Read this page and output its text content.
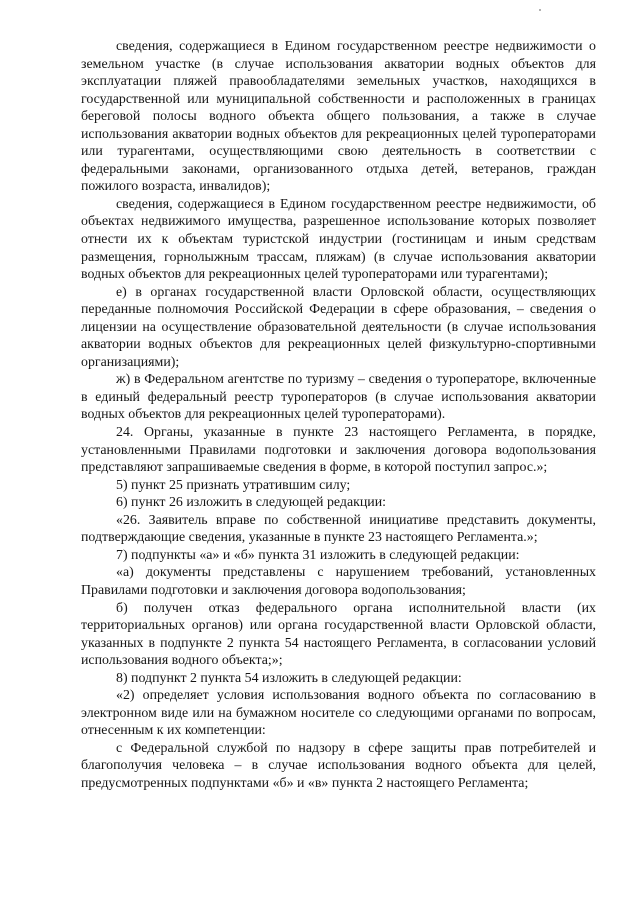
сведения, содержащиеся в Едином государственном реестре недвижимости о земельном участке (в случае использования акватории водных объектов для эксплуатации пляжей правообладателями земельных участков, находящихся в государственной или муниципальной собственности и расположенных в границах береговой полосы водного объекта общего пользования, а также в случае использования акватории водных объектов для рекреационных целей туроператорами или турагентами, осуществляющими свою деятельность в соответствии с федеральными законами, организованного отдыха детей, ветеранов, граждан пожилого возраста, инвалидов);

сведения, содержащиеся в Едином государственном реестре недвижимости, об объектах недвижимого имущества, разрешенное использование которых позволяет отнести их к объектам туристской индустрии (гостиницам и иным средствам размещения, горнолыжным трассам, пляжам) (в случае использования акватории водных объектов для рекреационных целей туроператорами или турагентами);

е) в органах государственной власти Орловской области, осуществляющих переданные полномочия Российской Федерации в сфере образования, – сведения о лицензии на осуществление образовательной деятельности (в случае использования акватории водных объектов для рекреационных целей физкультурно-спортивными организациями);

ж) в Федеральном агентстве по туризму – сведения о туроператоре, включенные в единый федеральный реестр туроператоров (в случае использования акватории водных объектов для рекреационных целей туроператорами).

24. Органы, указанные в пункте 23 настоящего Регламента, в порядке, установленными Правилами подготовки и заключения договора водопользования представляют запрашиваемые сведения в форме, в которой поступил запрос.»;

5) пункт 25 признать утратившим силу;

6) пункт 26 изложить в следующей редакции:

«26. Заявитель вправе по собственной инициативе представить документы, подтверждающие сведения, указанные в пункте 23 настоящего Регламента.»;

7) подпункты «а» и «б» пункта 31 изложить в следующей редакции:

«а) документы представлены с нарушением требований, установленных Правилами подготовки и заключения договора водопользования;

б) получен отказ федерального органа исполнительной власти (их территориальных органов) или органа государственной власти Орловской области, указанных в подпункте 2 пункта 54 настоящего Регламента, в согласовании условий использования водного объекта;»;

8) подпункт 2 пункта 54 изложить в следующей редакции:

«2) определяет условия использования водного объекта по согласованию в электронном виде или на бумажном носителе со следующими органами по вопросам, отнесенным к их компетенции:

с Федеральной службой по надзору в сфере защиты прав потребителей и благополучия человека – в случае использования водного объекта для целей, предусмотренных подпунктами «б» и «в» пункта 2 настоящего Регламента;
